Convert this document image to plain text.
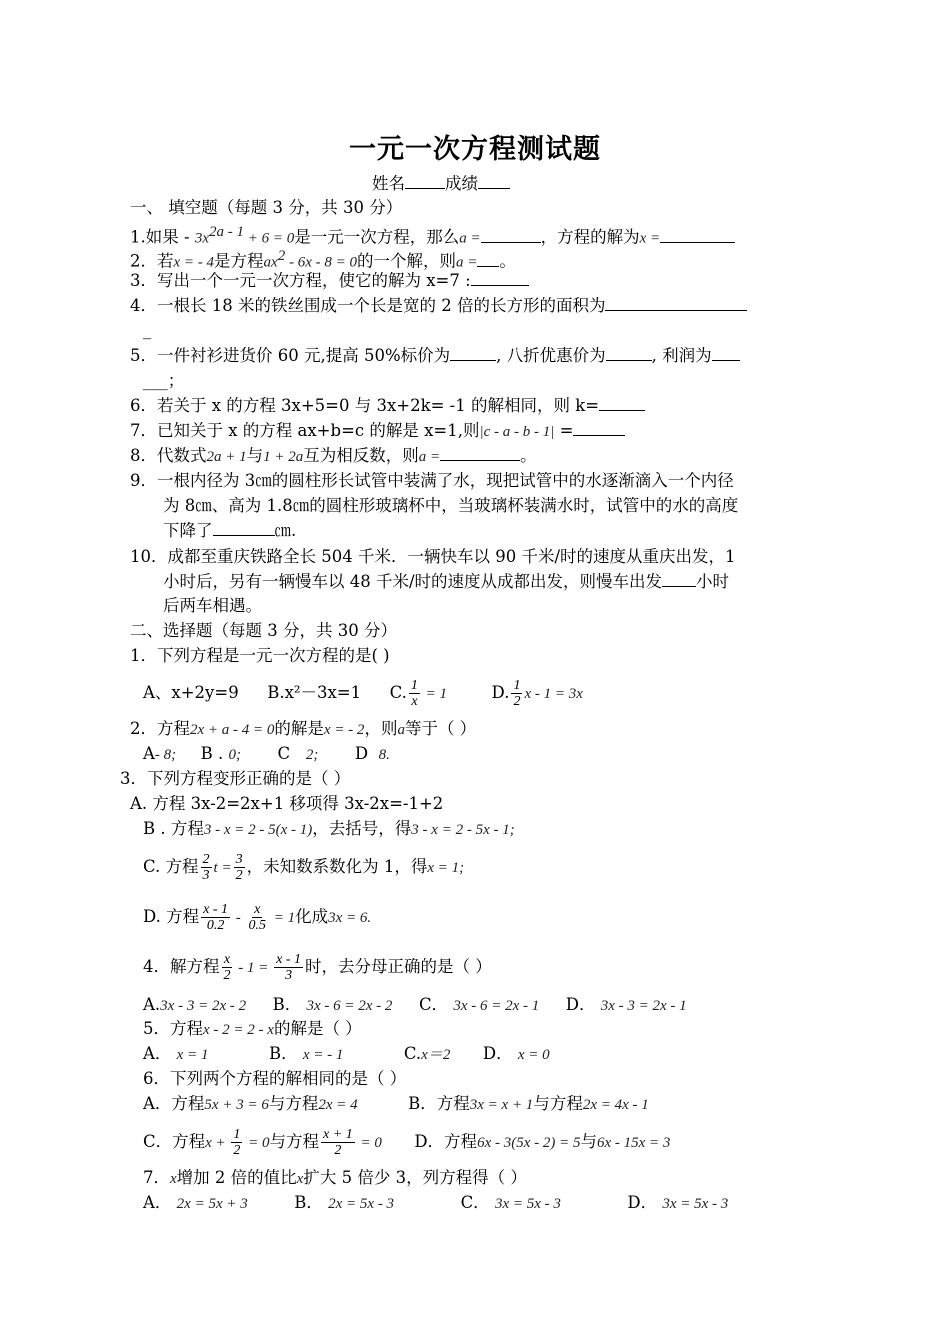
一元一次方程测试题
姓名 成绩
一、 填空题（每题 3 分，共 30 分）
1.如果 - $3x^{2a - 1} + 6 = 0$是一元一次方程，那么a =	，方程的解为x =
2．若x = - 4是方程$ax^2 - 6x - 8 = 0$的一个解，则a = 。
3．写出一个一元一次方程，使它的解为 x=7 :
4．一根长 18 米的铁丝围成一个长是宽的 2 倍的长方形的面积为
_
5．一件衬衫进货价 60 元,提高 50%标价为	, 八折优惠价为	, 利润为
___；
6．若关于 x 的方程 3x+5=0 与 3x+2k= -1 的解相同，则 k=
7．已知关于 x 的方程 ax+b=c 的解是 x=1,则|c - a - b - 1| =
8．代数式2a + 1与1 + 2a互为相反数，则a =	。
9．一根内径为 3㎝的圆柱形长试管中装满了水，现把试管中的水逐渐滴入一个内径
为 8㎝、高为 1.8㎝的圆柱形玻璃杯中，当玻璃杯装满水时，试管中的水的高度
下降了	㎝.
10．成都至重庆铁路全长 504 千米．一辆快车以 90 千米/时的速度从重庆出发，1
小时后，另有一辆慢车以 48 千米/时的速度从成都出发，则慢车出发 小时
后两车相遇。
二、选择题（每题 3 分，共 30 分）
1．下列方程是一元一次方程的是( )
A、x+2y=9 B.x²－3x=1 C. $\frac{1}{x} = 1$	D. $\frac{1}{2}$ x - 1 = 3x
2．方程2x + a - 4 = 0的解是x = - 2，则a等于（ ）
A- 8; B . 0; C 2; D 8.
3．下列方程变形正确的是（ ）
A. 方程 3x-2=2x+1 移项得 3x-2x=-1+2
B . 方程3 - x = 2 - 5(x - 1)，去括号，得3 - x = 2 - 5x - 1;
C. 方程 $\frac{2}{3}$ $t = \frac{3}{2}$ ，未知数系数化为 1，得x = 1;
D. 方程 $\frac{x - 1}{0.2} - \frac{x}{0.5} = 1$化成3x = 6.
4．解方程 $\frac{x}{2} - 1 = \frac{x - 1}{3}$ 时，去分母正确的是（ ）
A.3x - 3 = 2x - 2 B． 3x - 6 = 2x - 2 C． 3x - 6 = 2x - 1 D． 3x - 3 = 2x - 1
5．方程x - 2 = 2 - x的解是（ ）
A． x = 1	B． x = - 1	C.x＝2 D． x = 0
6．下列两个方程的解相同的是（ ）
A．方程5x + 3 = 6与方程2x = 4	B．方程3x = x + 1与方程2x = 4x - 1
C．方程$x + \frac{1}{2} = 0$与方程 $\frac{x + 1}{2} = 0$ D．方程6x - 3(5x - 2) = 5与6x - 15x = 3
7．x增加 2 倍的值比x扩大 5 倍少 3，列方程得（ ）
A． 2x = 5x + 3	B． 2x = 5x - 3	C． 3x = 5x - 3	D． 3x = 5x - 3
